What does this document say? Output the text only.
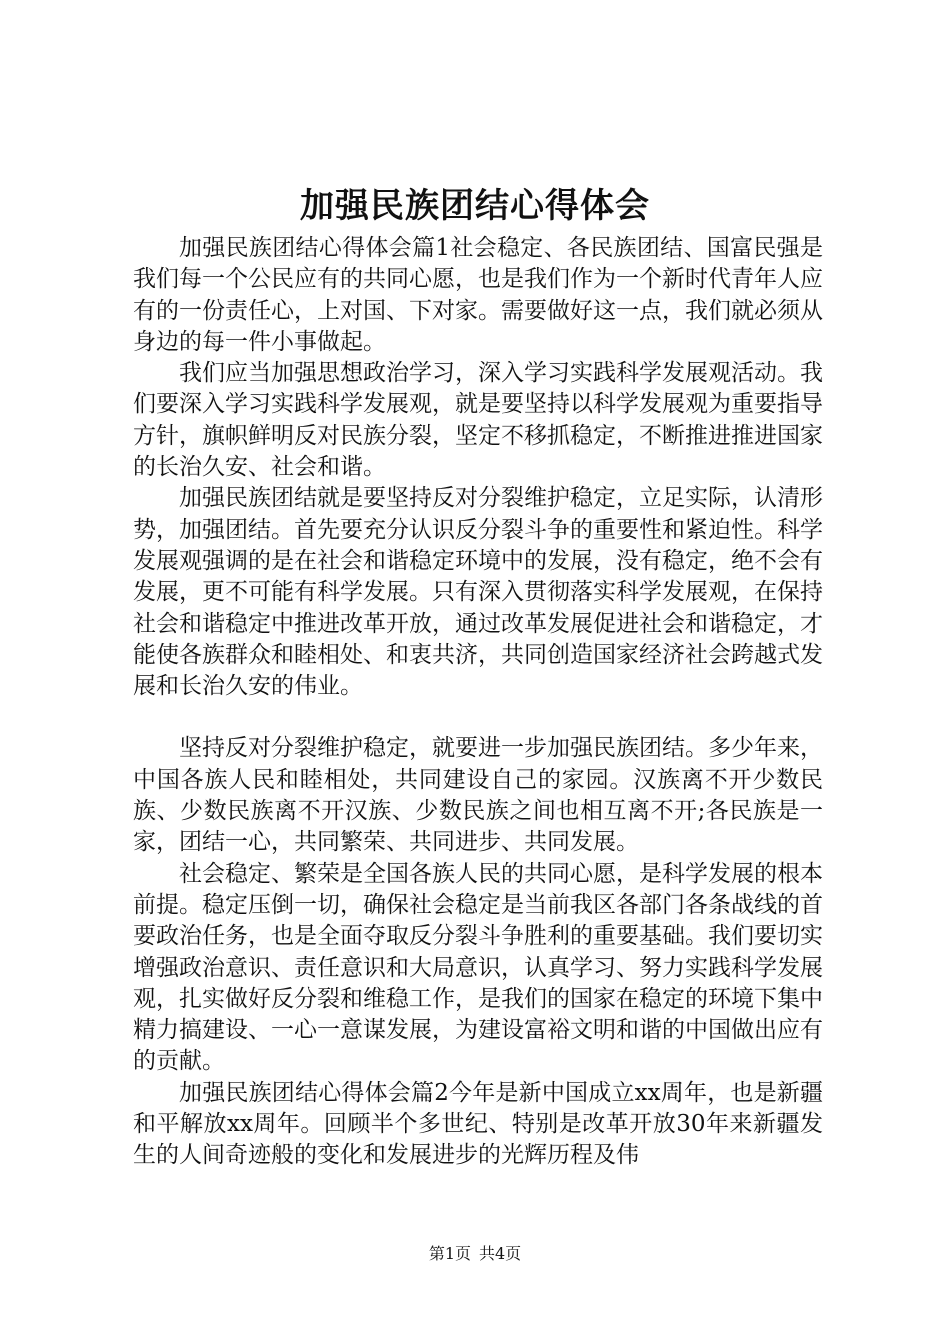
加强民族团结心得体会

加强民族团结心得体会篇1社会稳定、各民族团结、国富民强是我们每一个公民应有的共同心愿，也是我们作为一个新时代青年人应有的一份责任心，上对国、下对家。需要做好这一点，我们就必须从身边的每一件小事做起。

我们应当加强思想政治学习，深入学习实践科学发展观活动。我们要深入学习实践科学发展观，就是要坚持以科学发展观为重要指导方针，旗帜鲜明反对民族分裂，坚定不移抓稳定，不断推进推进国家的长治久安、社会和谐。

加强民族团结就是要坚持反对分裂维护稳定，立足实际，认清形势，加强团结。首先要充分认识反分裂斗争的重要性和紧迫性。科学发展观强调的是在社会和谐稳定环境中的发展，没有稳定，绝不会有发展，更不可能有科学发展。只有深入贯彻落实科学发展观，在保持社会和谐稳定中推进改革开放，通过改革发展促进社会和谐稳定，才能使各族群众和睦相处、和衷共济，共同创造国家经济社会跨越式发展和长治久安的伟业。

坚持反对分裂维护稳定，就要进一步加强民族团结。多少年来，中国各族人民和睦相处，共同建设自己的家园。汉族离不开少数民族、少数民族离不开汉族、少数民族之间也相互离不开;各民族是一家，团结一心，共同繁荣、共同进步、共同发展。

社会稳定、繁荣是全国各族人民的共同心愿，是科学发展的根本前提。稳定压倒一切，确保社会稳定是当前我区各部门各条战线的首要政治任务，也是全面夺取反分裂斗争胜利的重要基础。我们要切实增强政治意识、责任意识和大局意识，认真学习、努力实践科学发展观，扎实做好反分裂和维稳工作，是我们的国家在稳定的环境下集中精力搞建设、一心一意谋发展，为建设富裕文明和谐的中国做出应有的贡献。

加强民族团结心得体会篇2今年是新中国成立xx周年，也是新疆和平解放xx周年。回顾半个多世纪、特别是改革开放30年来新疆发生的人间奇迹般的变化和发展进步的光辉历程及伟

第1页 共4页
